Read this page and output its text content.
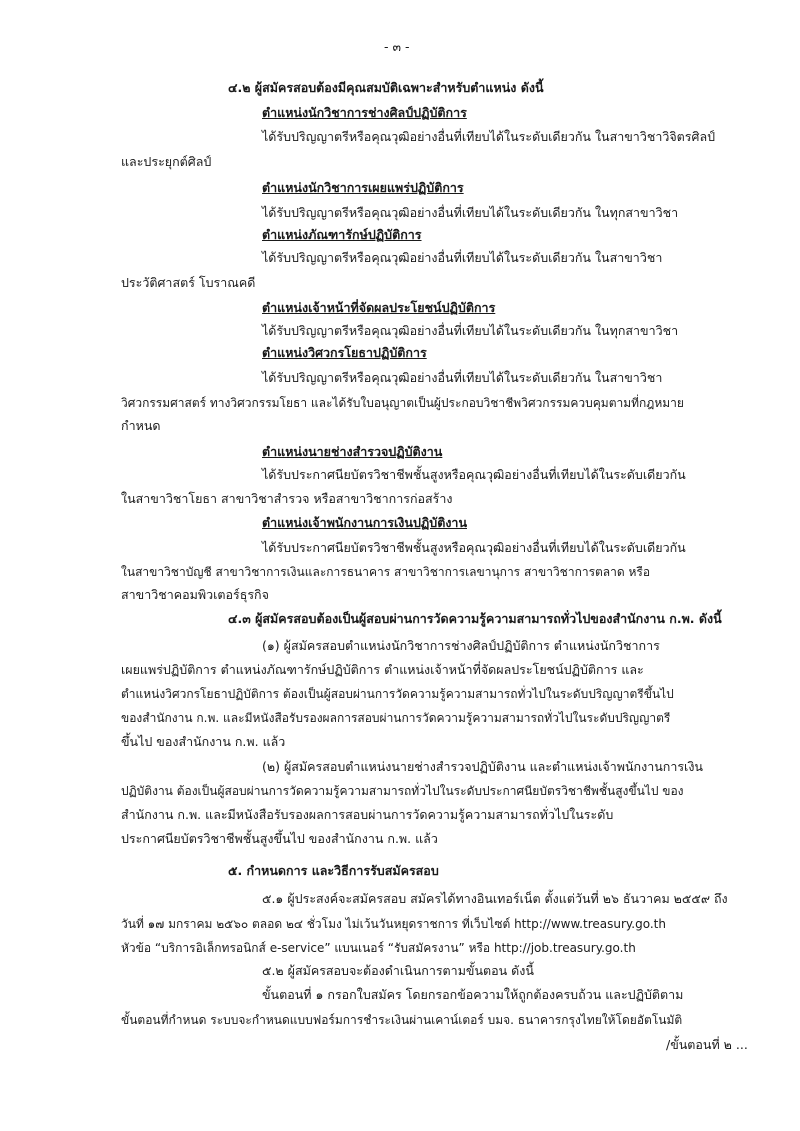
- ๓ -
๔.๒ ผู้สมัครสอบต้องมีคุณสมบัติเฉพาะสำหรับตำแหน่ง ดังนี้
ตำแหน่งนักวิชาการช่างศิลป์ปฏิบัติการ
ได้รับปริญญาตรีหรือคุณวุฒิอย่างอื่นที่เทียบได้ในระดับเดียวกัน ในสาขาวิชาวิจิตรศิลป์
และประยุกต์ศิลป์
ตำแหน่งนักวิชาการเผยแพร่ปฏิบัติการ
ได้รับปริญญาตรีหรือคุณวุฒิอย่างอื่นที่เทียบได้ในระดับเดียวกัน ในทุกสาขาวิชา
ตำแหน่งภัณฑารักษ์ปฏิบัติการ
ได้รับปริญญาตรีหรือคุณวุฒิอย่างอื่นที่เทียบได้ในระดับเดียวกัน ในสาขาวิชา
ประวัติศาสตร์ โบราณคดี
ตำแหน่งเจ้าหน้าที่จัดผลประโยชน์ปฏิบัติการ
ได้รับปริญญาตรีหรือคุณวุฒิอย่างอื่นที่เทียบได้ในระดับเดียวกัน ในทุกสาขาวิชา
ตำแหน่งวิศวกรโยธาปฏิบัติการ
ได้รับปริญญาตรีหรือคุณวุฒิอย่างอื่นที่เทียบได้ในระดับเดียวกัน ในสาขาวิชา
วิศวกรรมศาสตร์ ทางวิศวกรรมโยธา และได้รับใบอนุญาตเป็นผู้ประกอบวิชาชีพวิศวกรรมควบคุมตามที่กฎหมาย
กำหนด
ตำแหน่งนายช่างสำรวจปฏิบัติงาน
ได้รับประกาศนียบัตรวิชาชีพชั้นสูงหรือคุณวุฒิอย่างอื่นที่เทียบได้ในระดับเดียวกัน
ในสาขาวิชาโยธา สาขาวิชาสำรวจ หรือสาขาวิชาการก่อสร้าง
ตำแหน่งเจ้าพนักงานการเงินปฏิบัติงาน
ได้รับประกาศนียบัตรวิชาชีพชั้นสูงหรือคุณวุฒิอย่างอื่นที่เทียบได้ในระดับเดียวกัน
ในสาขาวิชาบัญชี สาขาวิชาการเงินและการธนาคาร สาขาวิชาการเลขานุการ สาขาวิชาการตลาด หรือ
สาขาวิชาคอมพิวเตอร์ธุรกิจ
๔.๓ ผู้สมัครสอบต้องเป็นผู้สอบผ่านการวัดความรู้ความสามารถทั่วไปของสำนักงาน ก.พ. ดังนี้
(๑) ผู้สมัครสอบตำแหน่งนักวิชาการช่างศิลป์ปฏิบัติการ ตำแหน่งนักวิชาการ
เผยแพร่ปฏิบัติการ ตำแหน่งภัณฑารักษ์ปฏิบัติการ ตำแหน่งเจ้าหน้าที่จัดผลประโยชน์ปฏิบัติการ และ
ตำแหน่งวิศวกรโยธาปฏิบัติการ ต้องเป็นผู้สอบผ่านการวัดความรู้ความสามารถทั่วไปในระดับปริญญาตรีขึ้นไป
ของสำนักงาน ก.พ. และมีหนังสือรับรองผลการสอบผ่านการวัดความรู้ความสามารถทั่วไปในระดับปริญญาตรี
ขึ้นไป ของสำนักงาน ก.พ. แล้ว
(๒) ผู้สมัครสอบตำแหน่งนายช่างสำรวจปฏิบัติงาน และตำแหน่งเจ้าพนักงานการเงิน
ปฏิบัติงาน ต้องเป็นผู้สอบผ่านการวัดความรู้ความสามารถทั่วไปในระดับประกาศนียบัตรวิชาชีพชั้นสูงขึ้นไป ของ
สำนักงาน ก.พ. และมีหนังสือรับรองผลการสอบผ่านการวัดความรู้ความสามารถทั่วไปในระดับ
ประกาศนียบัตรวิชาชีพชั้นสูงขึ้นไป ของสำนักงาน ก.พ. แล้ว
๕. กำหนดการ และวิธีการรับสมัครสอบ
๕.๑ ผู้ประสงค์จะสมัครสอบ สมัครได้ทางอินเทอร์เน็ต ตั้งแต่วันที่ ๒๖ ธันวาคม ๒๕๕๙ ถึง
วันที่ ๑๗ มกราคม ๒๕๖๐ ตลอด ๒๔ ชั่วโมง ไม่เว้นวันหยุดราชการ ที่เว็บไซต์ http://www.treasury.go.th
หัวข้อ “บริการอิเล็กทรอนิกส์ e-service” แบนเนอร์ “รับสมัครงาน” หรือ http://job.treasury.go.th
๕.๒ ผู้สมัครสอบจะต้องดำเนินการตามขั้นตอน ดังนี้
ขั้นตอนที่ ๑ กรอกใบสมัคร โดยกรอกข้อความให้ถูกต้องครบถ้วน และปฏิบัติตาม
ขั้นตอนที่กำหนด ระบบจะกำหนดแบบฟอร์มการชำระเงินผ่านเคาน์เตอร์ บมจ. ธนาคารกรุงไทยให้โดยอัตโนมัติ
/ขั้นตอนที่ ๒ ...
